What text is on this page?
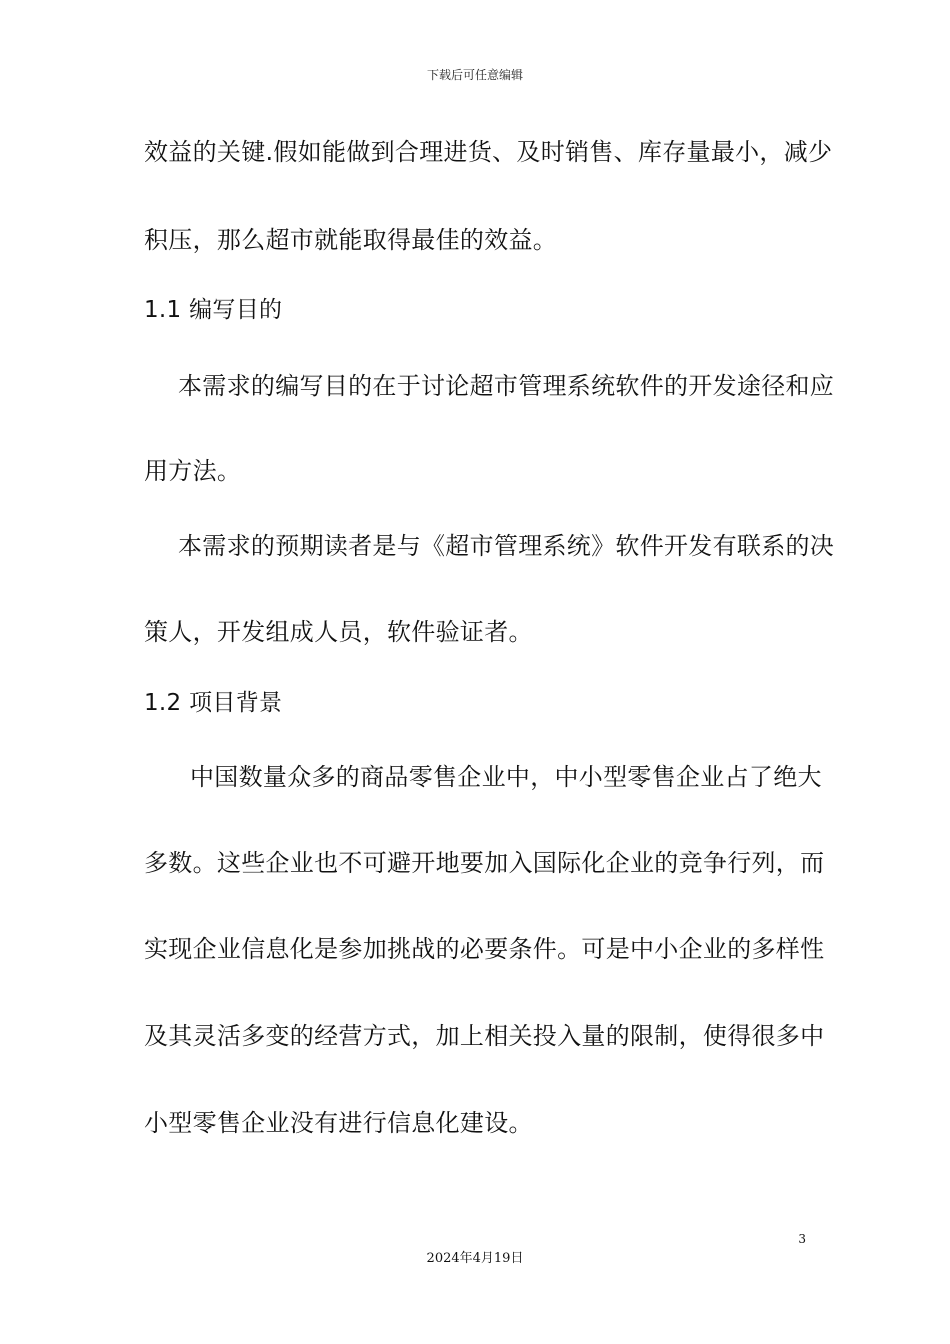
下载后可任意编辑
效益的关键.假如能做到合理进货、及时销售、库存量最小，减少
积压，那么超市就能取得最佳的效益。
1.1 编写目的
本需求的编写目的在于讨论超市管理系统软件的开发途径和应
用方法。
本需求的预期读者是与《超市管理系统》软件开发有联系的决
策人，开发组成人员，软件验证者。
1.2 项目背景
中国数量众多的商品零售企业中，中小型零售企业占了绝大
多数。这些企业也不可避开地要加入国际化企业的竞争行列，而
实现企业信息化是参加挑战的必要条件。可是中小企业的多样性
及其灵活多变的经营方式，加上相关投入量的限制，使得很多中
小型零售企业没有进行信息化建设。
3
2024年4月19日
